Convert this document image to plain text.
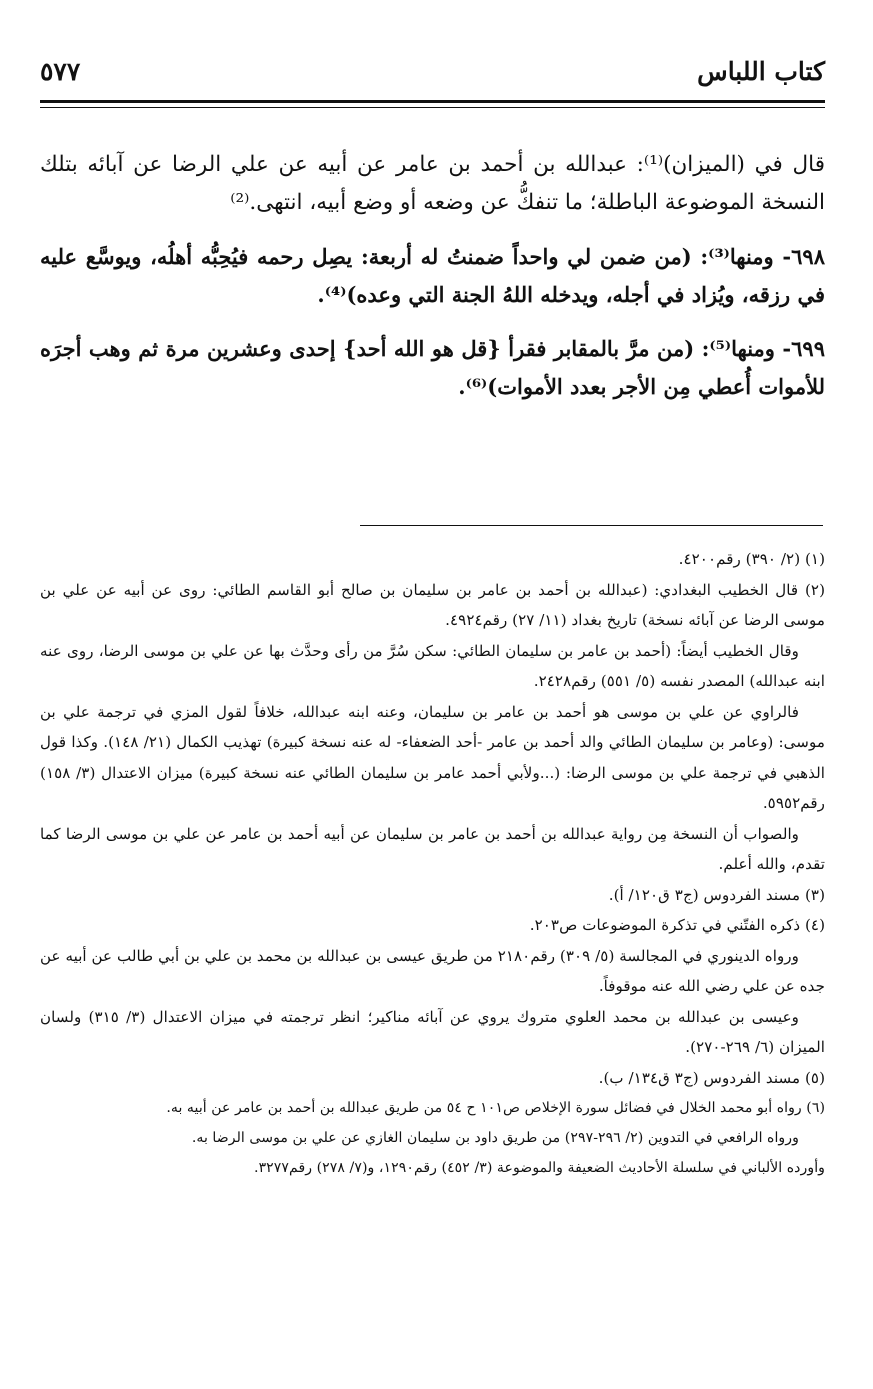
كتاب اللباس
٥٧٧

قال في (الميزان)⁽¹⁾: عبدالله بن أحمد بن عامر عن أبيه عن علي الرضا عن آبائه بتلك النسخة الموضوعة الباطلة؛ ما تنفكُّ عن وضعه أو وضع أبيه، انتهى.⁽²⁾

٦٩٨- ومنها⁽³⁾: (من ضمن لي واحداً ضمنتُ له أربعة: يصِل رحمه فيُحِبُّه أهلُه، ويوسَّع عليه في رزقه، ويُزاد في أجله، ويدخله اللهُ الجنة التي وعده)⁽⁴⁾.

٦٩٩- ومنها⁽⁵⁾: (من مرَّ بالمقابر فقرأ {قل هو الله أحد} إحدى وعشرين مرة ثم وهب أجرَه للأموات أُعطي مِن الأجر بعدد الأموات)⁽⁶⁾.

(١) (٢/ ٣٩٠) رقم٤٢٠٠.

(٢) قال الخطيب البغدادي: (عبدالله بن أحمد بن عامر بن سليمان بن صالح أبو القاسم الطائي: روى عن أبيه عن علي بن موسى الرضا عن آبائه نسخة) تاريخ بغداد (١١/ ٢٧) رقم٤٩٢٤.

وقال الخطيب أيضاً: (أحمد بن عامر بن سليمان الطائي: سكن سُرَّ من رأى وحدَّث بها عن علي بن موسى الرضا، روى عنه ابنه عبدالله) المصدر نفسه (٥/ ٥٥١) رقم٢٤٢٨.

فالراوي عن علي بن موسى هو أحمد بن عامر بن سليمان، وعنه ابنه عبدالله، خلافاً لقول المزي في ترجمة علي بن موسى: (وعامر بن سليمان الطائي والد أحمد بن عامر -أحد الضعفاء- له عنه نسخة كبيرة) تهذيب الكمال (٢١/ ١٤٨). وكذا قول الذهبي في ترجمة علي بن موسى الرضا: (...ولأبي أحمد عامر بن سليمان الطائي عنه نسخة كبيرة) ميزان الاعتدال (٣/ ١٥٨) رقم٥٩٥٢.

والصواب أن النسخة مِن رواية عبدالله بن أحمد بن عامر بن سليمان عن أبيه أحمد بن عامر عن علي بن موسى الرضا كما تقدم، والله أعلم.

(٣) مسند الفردوس (ج٣ ق١٢٠/ أ).

(٤) ذكره الفتّني في تذكرة الموضوعات ص٢٠٣.

ورواه الدينوري في المجالسة (٥/ ٣٠٩) رقم٢١٨٠ من طريق عيسى بن عبدالله بن محمد بن علي بن أبي طالب عن أبيه عن جده عن علي رضي الله عنه موقوفاً.

وعيسى بن عبدالله بن محمد العلوي متروك يروي عن آبائه مناكير؛ انظر ترجمته في ميزان الاعتدال (٣/ ٣١٥) ولسان الميزان (٦/ ٢٦٩-٢٧٠).

(٥) مسند الفردوس (ج٣ ق١٣٤/ ب).

(٦) رواه أبو محمد الخلال في فضائل سورة الإخلاص ص١٠١ ح ٥٤ من طريق عبدالله بن أحمد بن عامر عن أبيه به.

ورواه الرافعي في التدوين (٢/ ٢٩٦-٢٩٧) من طريق داود بن سليمان الغازي عن علي بن موسى الرضا به.

وأورده الألباني في سلسلة الأحاديث الضعيفة والموضوعة (٣/ ٤٥٢) رقم١٢٩٠، و(٧/ ٢٧٨) رقم٣٢٧٧.
